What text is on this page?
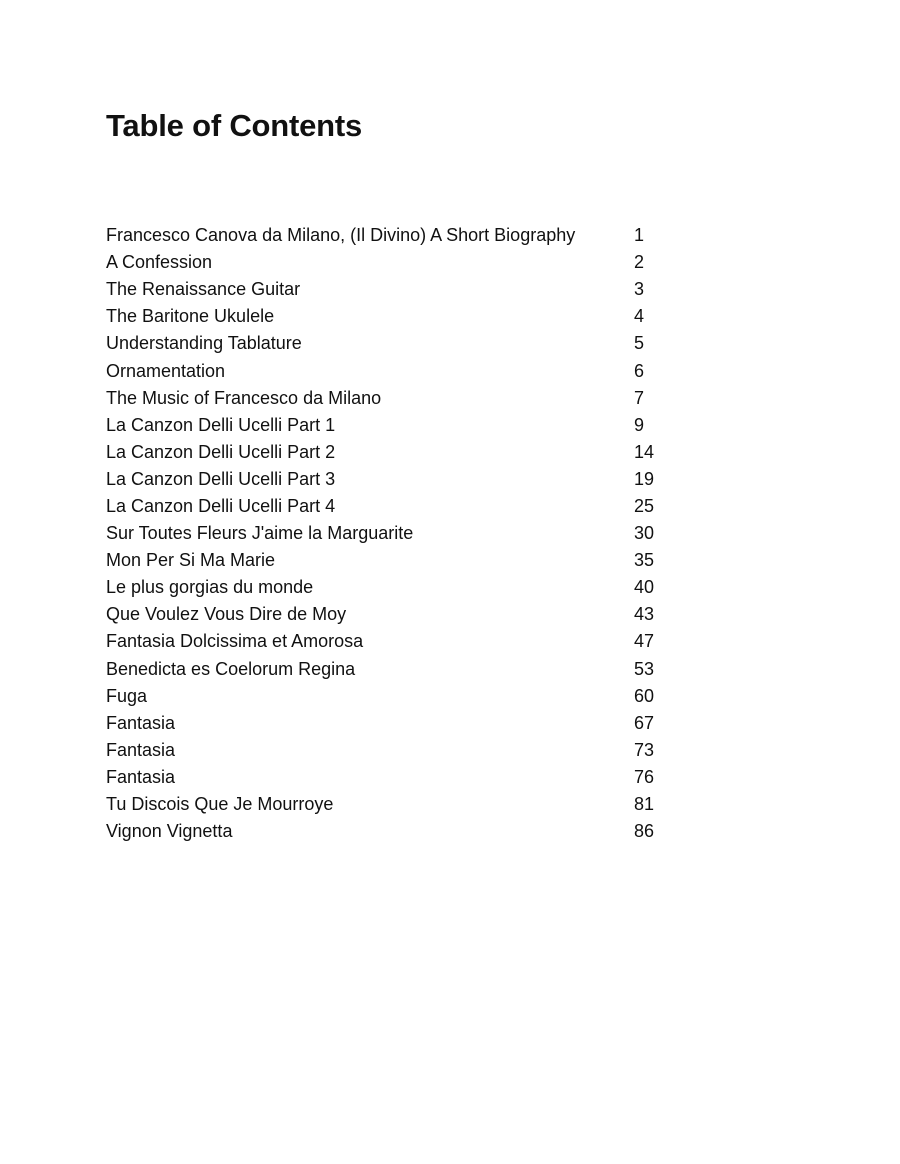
Table of Contents
Francesco Canova da Milano, (Il Divino) A Short Biography	1
A Confession	2
The Renaissance Guitar	3
The Baritone Ukulele	4
Understanding Tablature	5
Ornamentation	6
The Music of Francesco da Milano	7
La Canzon Delli Ucelli Part 1	9
La Canzon Delli Ucelli Part 2	14
La Canzon Delli Ucelli Part 3	19
La Canzon Delli Ucelli Part 4	25
Sur Toutes Fleurs J'aime la Marguarite	30
Mon Per Si Ma Marie	35
Le plus gorgias du monde	40
Que Voulez Vous Dire de Moy	43
Fantasia Dolcissima et Amorosa	47
Benedicta es Coelorum Regina	53
Fuga	60
Fantasia	67
Fantasia	73
Fantasia	76
Tu Discois Que Je Mourroye	81
Vignon Vignetta	86
